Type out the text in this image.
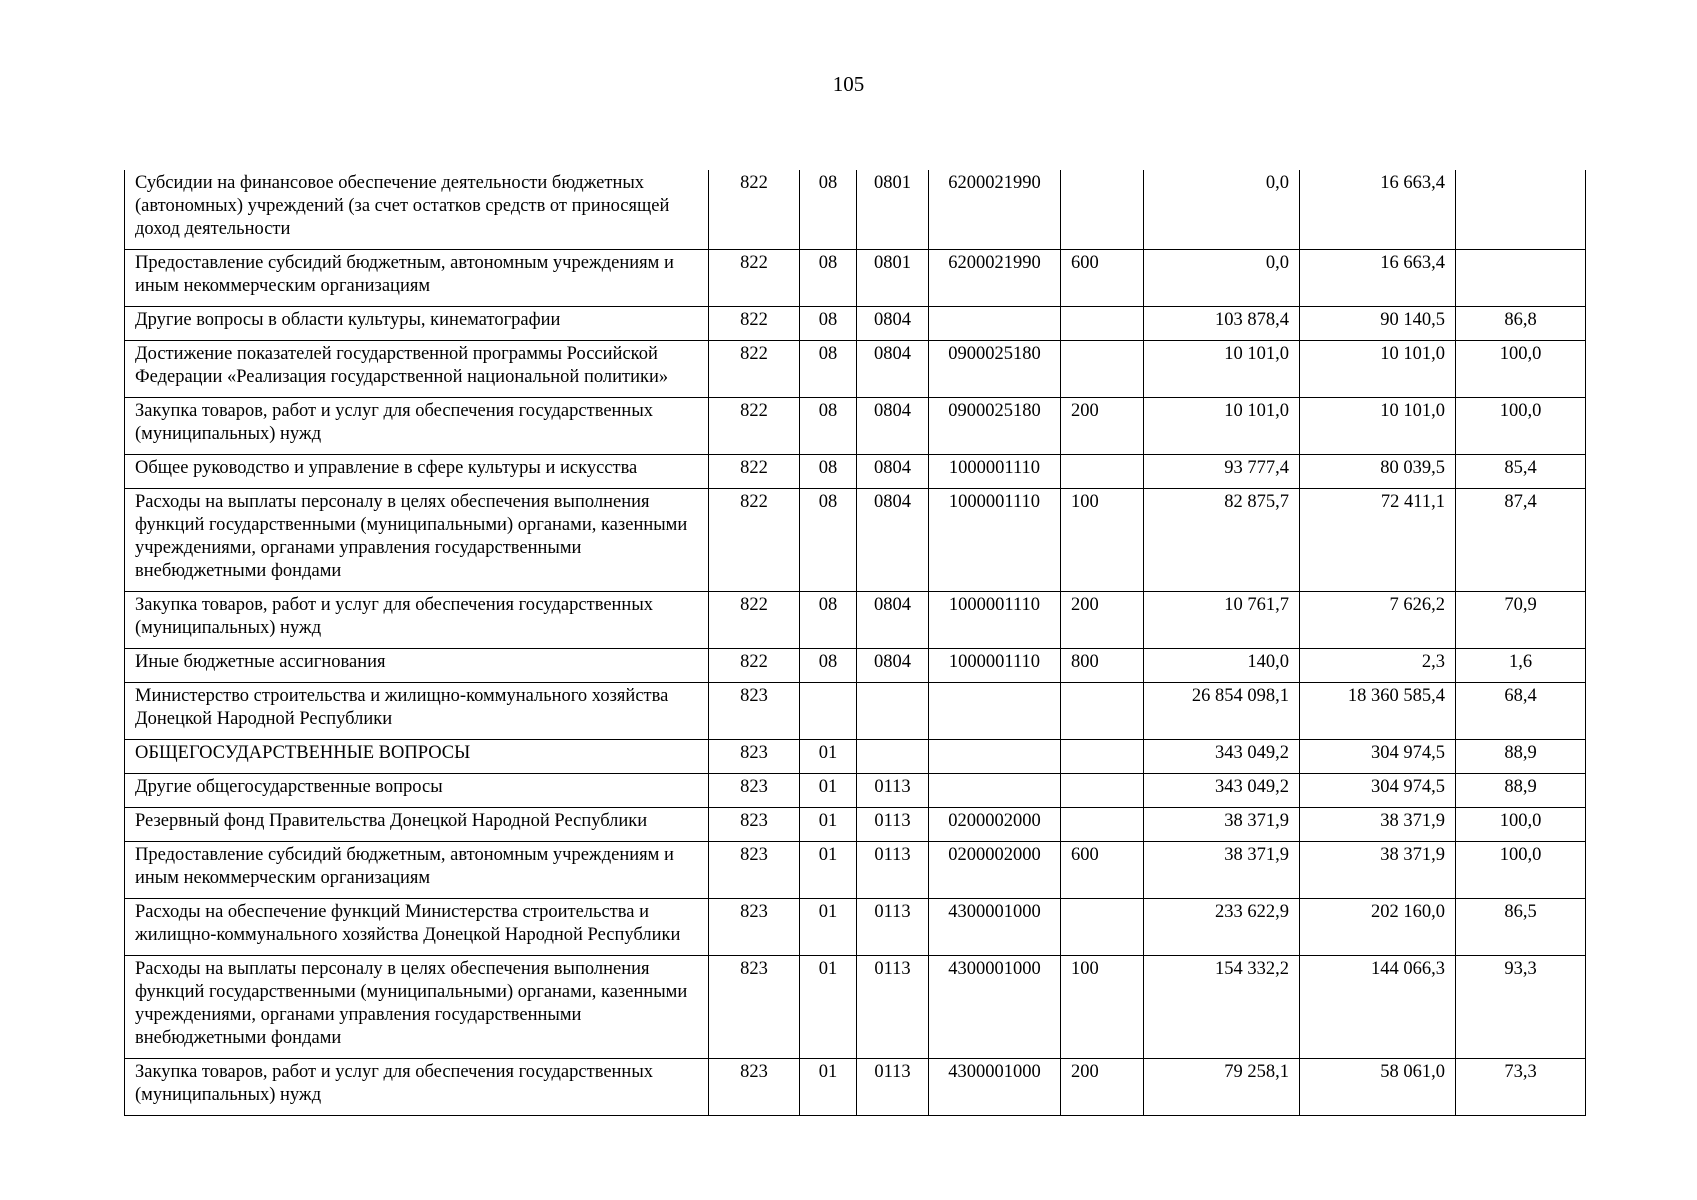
105
Субсидии на финансовое обеспечение деятельности бюджетных (автономных) учреждений (за счет остатков средств от приносящей доход деятельности	822	08	0801	6200021990		0,0	16 663,4	
Предоставление субсидий бюджетным, автономным учреждениям и иным некоммерческим организациям	822	08	0801	6200021990	600	0,0	16 663,4	
Другие вопросы в области культуры, кинематографии	822	08	0804			103 878,4	90 140,5	86,8
Достижение показателей государственной программы Российской Федерации «Реализация государственной национальной политики»	822	08	0804	0900025180		10 101,0	10 101,0	100,0
Закупка товаров, работ и услуг для обеспечения государственных (муниципальных) нужд	822	08	0804	0900025180	200	10 101,0	10 101,0	100,0
Общее руководство и управление в сфере культуры и искусства	822	08	0804	1000001110		93 777,4	80 039,5	85,4
Расходы на выплаты персоналу в целях обеспечения выполнения функций государственными (муниципальными) органами, казенными учреждениями, органами управления государственными внебюджетными фондами	822	08	0804	1000001110	100	82 875,7	72 411,1	87,4
Закупка товаров, работ и услуг для обеспечения государственных (муниципальных) нужд	822	08	0804	1000001110	200	10 761,7	7 626,2	70,9
Иные бюджетные ассигнования	822	08	0804	1000001110	800	140,0	2,3	1,6
Министерство строительства и жилищно-коммунального хозяйства Донецкой Народной Республики	823					26 854 098,1	18 360 585,4	68,4
ОБЩЕГОСУДАРСТВЕННЫЕ ВОПРОСЫ	823	01				343 049,2	304 974,5	88,9
Другие общегосударственные вопросы	823	01	0113			343 049,2	304 974,5	88,9
Резервный фонд Правительства Донецкой Народной Республики	823	01	0113	0200002000		38 371,9	38 371,9	100,0
Предоставление субсидий бюджетным, автономным учреждениям и иным некоммерческим организациям	823	01	0113	0200002000	600	38 371,9	38 371,9	100,0
Расходы на обеспечение функций Министерства строительства и жилищно-коммунального хозяйства Донецкой Народной Республики	823	01	0113	4300001000		233 622,9	202 160,0	86,5
Расходы на выплаты персоналу в целях обеспечения выполнения функций государственными (муниципальными) органами, казенными учреждениями, органами управления государственными внебюджетными фондами	823	01	0113	4300001000	100	154 332,2	144 066,3	93,3
Закупка товаров, работ и услуг для обеспечения государственных (муниципальных) нужд	823	01	0113	4300001000	200	79 258,1	58 061,0	73,3
